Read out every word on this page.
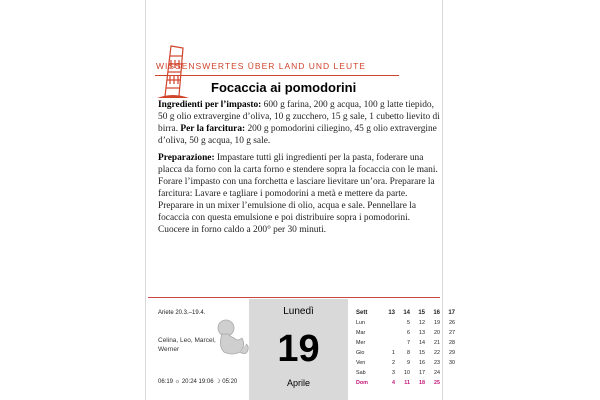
WISSENSWERTES ÜBER LAND UND LEUTE
Focaccia ai pomodorini

Ingredienti per l’impasto: 600 g farina, 200 g acqua, 100 g latte tiepido, 50 g olio extravergine d’oliva, 10 g zucchero, 15 g sale, 1 cubetto lievito di birra. Per la farcitura: 200 g pomodorini ciliegino, 45 g olio extravergine d’oliva, 50 g acqua, 10 g sale.

Preparazione: Impastare tutti gli ingredienti per la pasta, foderare una placca da forno con la carta forno e stendere sopra la focaccia con le mani. Forare l’impasto con una forchetta e lasciare lievitare un’ora. Preparare la farcitura: Lavare e tagliare i pomodorini a metà e mettere da parte. Preparare in un mixer l’emulsione di olio, acqua e sale. Pennellare la focaccia con questa emulsione e poi distribuire sopra i pomodorini. Cuocere in forno caldo a 200° per 30 minuti.

Ariete 20.3.–19.4.
Celina, Leo, Marcel, Werner
06:19 ☼ 20:24 19:06 ☽ 05:20
Lunedì
19
Aprile
Sett	13	14	15	16	17
Lun		5	12	19	26
Mar		6	13	20	27
Mer		7	14	21	28
Gio	1	8	15	22	29
Ven	2	9	16	23	30
Sab	3	10	17	24	
Dom	4	11	18	25	
